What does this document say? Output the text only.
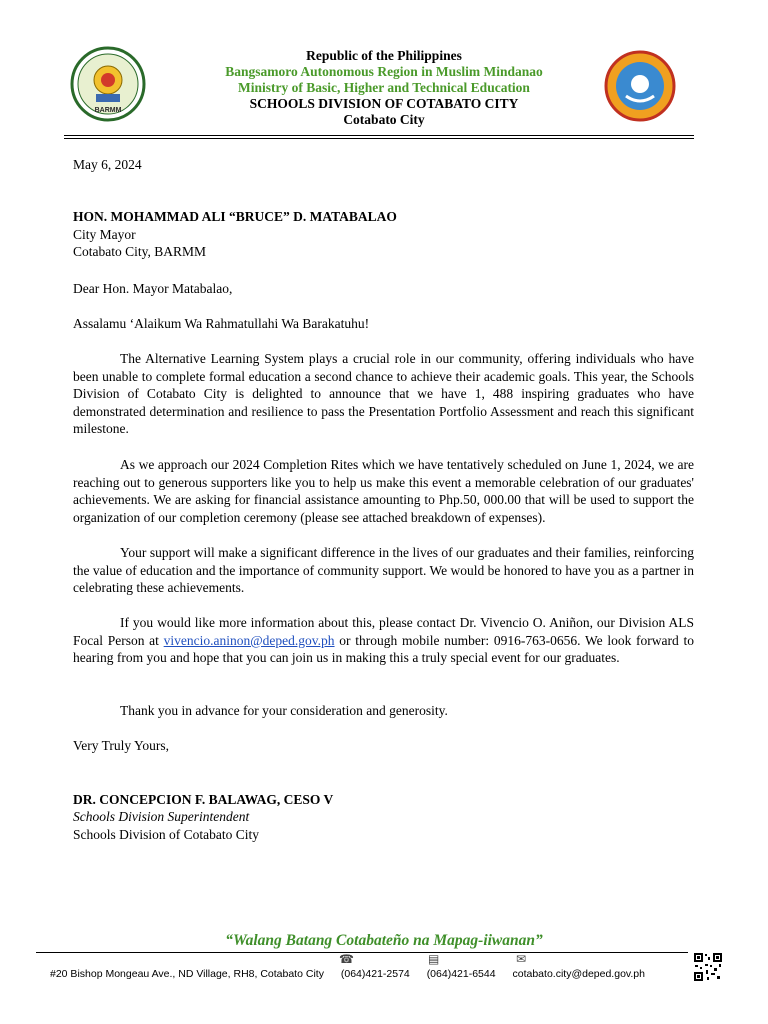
BARMM
Republic of the Philippines
Bangsamoro Autonomous Region in Muslim Mindanao
Ministry of Basic, Higher and Technical Education
SCHOOLS DIVISION OF COTABATO CITY
Cotabato City
May 6, 2024
HON. MOHAMMAD ALI “BRUCE” D. MATABALAO
City Mayor
Cotabato City, BARMM
Dear Hon. Mayor Matabalao,
Assalamu ‘Alaikum Wa Rahmatullahi Wa Barakatuhu!

The Alternative Learning System plays a crucial role in our community, offering individuals who have been unable to complete formal education a second chance to achieve their academic goals. This year, the Schools Division of Cotabato City is delighted to announce that we have 1, 488 inspiring graduates who have demonstrated determination and resilience to pass the Presentation Portfolio Assessment and reach this significant milestone.

As we approach our 2024 Completion Rites which we have tentatively scheduled on June 1, 2024, we are reaching out to generous supporters like you to help us make this event a memorable celebration of our graduates' achievements. We are asking for financial assistance amounting to Php.50, 000.00 that will be used to support the organization of our completion ceremony (please see attached breakdown of expenses).

Your support will make a significant difference in the lives of our graduates and their families, reinforcing the value of education and the importance of community support. We would be honored to have you as a partner in celebrating these achievements.

If you would like more information about this, please contact Dr. Vivencio O. Aniñon, our Division ALS Focal Person at vivencio.aninon@deped.gov.ph or through mobile number: 0916-763-0656. We look forward to hearing from you and hope that you can join us in making this a truly special event for our graduates.

Thank you in advance for your consideration and generosity.

Very Truly Yours,
DR. CONCEPCION F. BALAWAG, CESO V
Schools Division Superintendent
Schools Division of Cotabato City
“Walang Batang Cotabateño na Mapag-iiwanan”
☎	▤	✉
#20 Bishop Mongeau Ave., ND Village, RH8, Cotabato City (064)421-2574 (064)421-6544 cotabato.city@deped.gov.ph
